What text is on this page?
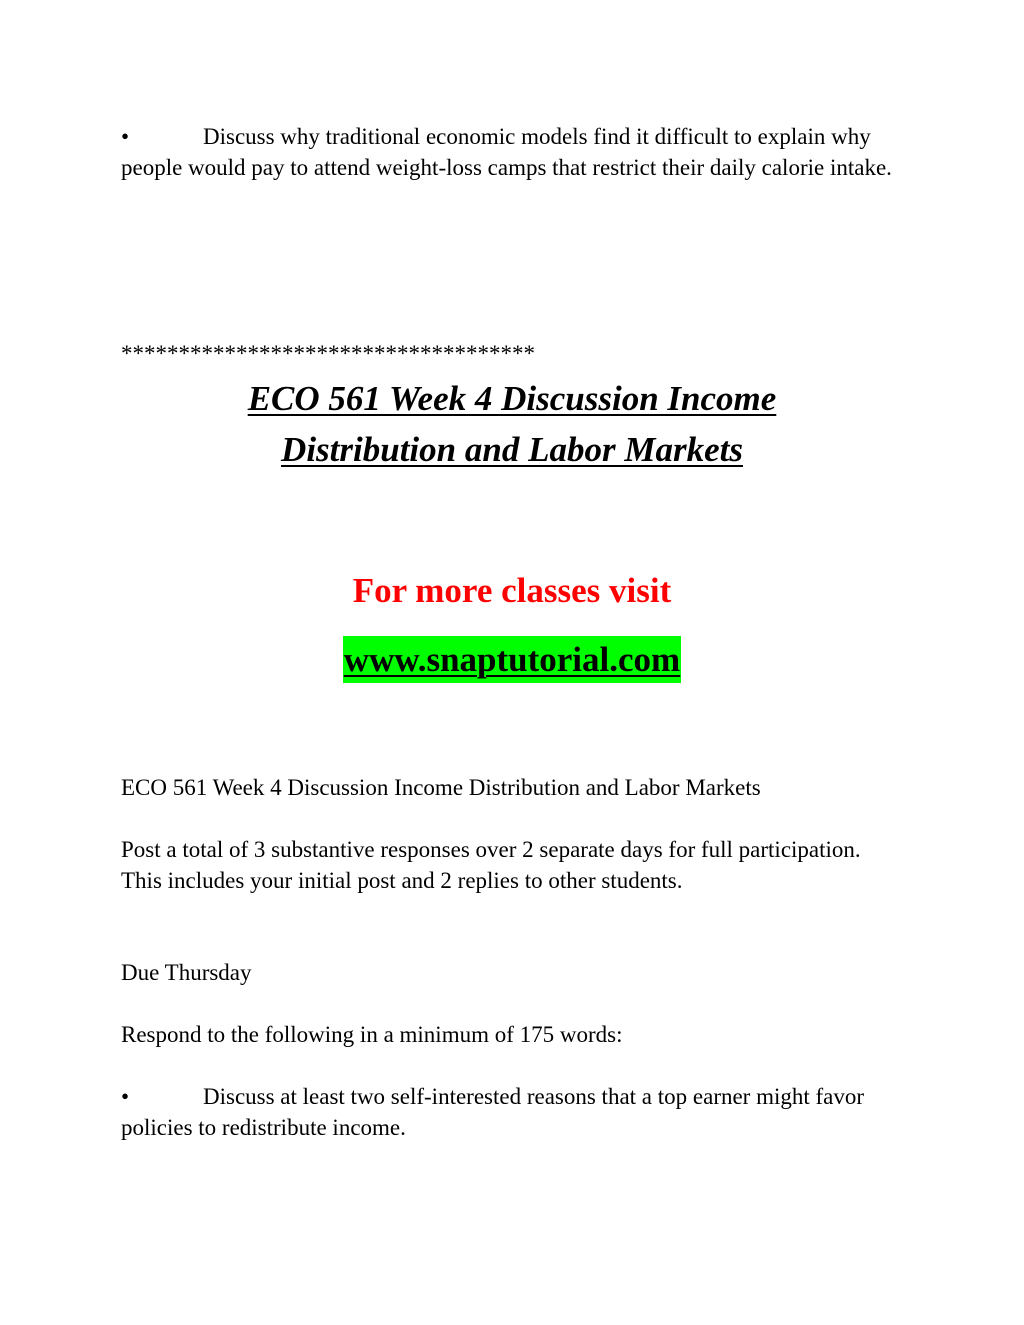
•	Discuss why traditional economic models find it difficult to explain why people would pay to attend weight-loss camps that restrict their daily calorie intake.

************************************

ECO 561 Week 4 Discussion Income
Distribution and Labor Markets

For more classes visit

www.snaptutorial.com

ECO 561 Week 4 Discussion Income Distribution and Labor Markets

Post a total of 3 substantive responses over 2 separate days for full participation. This includes your initial post and 2 replies to other students.

Due Thursday

Respond to the following in a minimum of 175 words:

•	Discuss at least two self-interested reasons that a top earner might favor policies to redistribute income.
